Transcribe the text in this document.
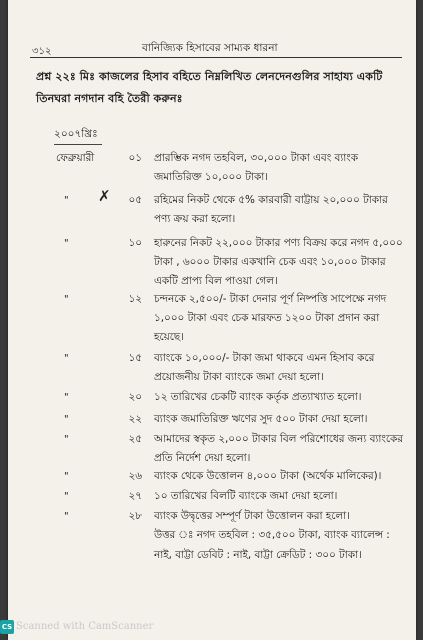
৩১২	বানিজ্যিক হিসাবের সাম্যক ধারনা
প্রশ্ন ২২ঃ মিঃ কাজলের হিসাব বহিতে নিম্নলিখিত লেনদেনগুলির সাহায্য একটি তিনঘরা নগদান বহি তৈরী করুনঃ
২০০৭খ্রিঃ
ফেব্রুয়ারী	০১ প্রারম্ভিক নগদ তহবিল, ৩০,০০০ টাকা এবং ব্যাংক জমাতিরিক্ত ১০,০০০ টাকা।
" ✗	০৫ রহিমের নিকট থেকে ৫% কারবারী বাট্টায় ২০,০০০ টাকার পণ্য ক্রয় করা হলো।
"	১০ হারুনের নিকট ২২,০০০ টাকার পণ্য বিক্রয় করে নগদ ৫,০০০ টাকা , ৬০০০ টাকার একখানি চেক এবং ১০,০০০ টাকার একটি প্রাপ্য বিল পাওয়া গেল।
"	১২ চন্দনকে ২,৫০০/- টাকা দেনার পূর্ণ নিষ্পত্তি সাপেক্ষে নগদ ১,০০০ টাকা এবং চেক মারফত ১২০০ টাকা প্রদান করা হয়েছে।
"	১৫ ব্যাংকে ১০,০০০/- টাকা জমা থাকবে এমন হিসাব করে প্রয়োজনীয় টাকা ব্যাংকে জমা দেয়া হলো।
"	২০ ১২ তারিখের চেকটি ব্যাংক কর্তৃক প্রত্যাখ্যাত হলো।
"	২২ ব্যাংক জমাতিরিক্ত ঋণের সুদ ৫০০ টাকা দেয়া হলো।
"	২৫ আমাদের স্বকৃত ২,০০০ টাকার বিল পরিশোধের জন্য ব্যাংকের প্রতি নির্দেশ দেয়া হলো।
"	২৬ ব্যাংক থেকে উত্তোলন ৪,০০০ টাকা (অর্থেক মালিকের)।
"	২৭ ১০ তারিখের বিলটি ব্যাংকে জমা দেয়া হলো।
"	২৮ ব্যাংক উদ্বৃত্তের সম্পূর্ণ টাকা উত্তোলন করা হলো।
উত্তর ঃ নগদ তহবিল : ৩৫,৫০০ টাকা, ব্যাংক ব্যালেন্স :
নাই, বাট্টা ডেবিট : নাই, বাট্টা ক্রেডিট : ৩০০ টাকা।
CS Scanned with CamScanner
